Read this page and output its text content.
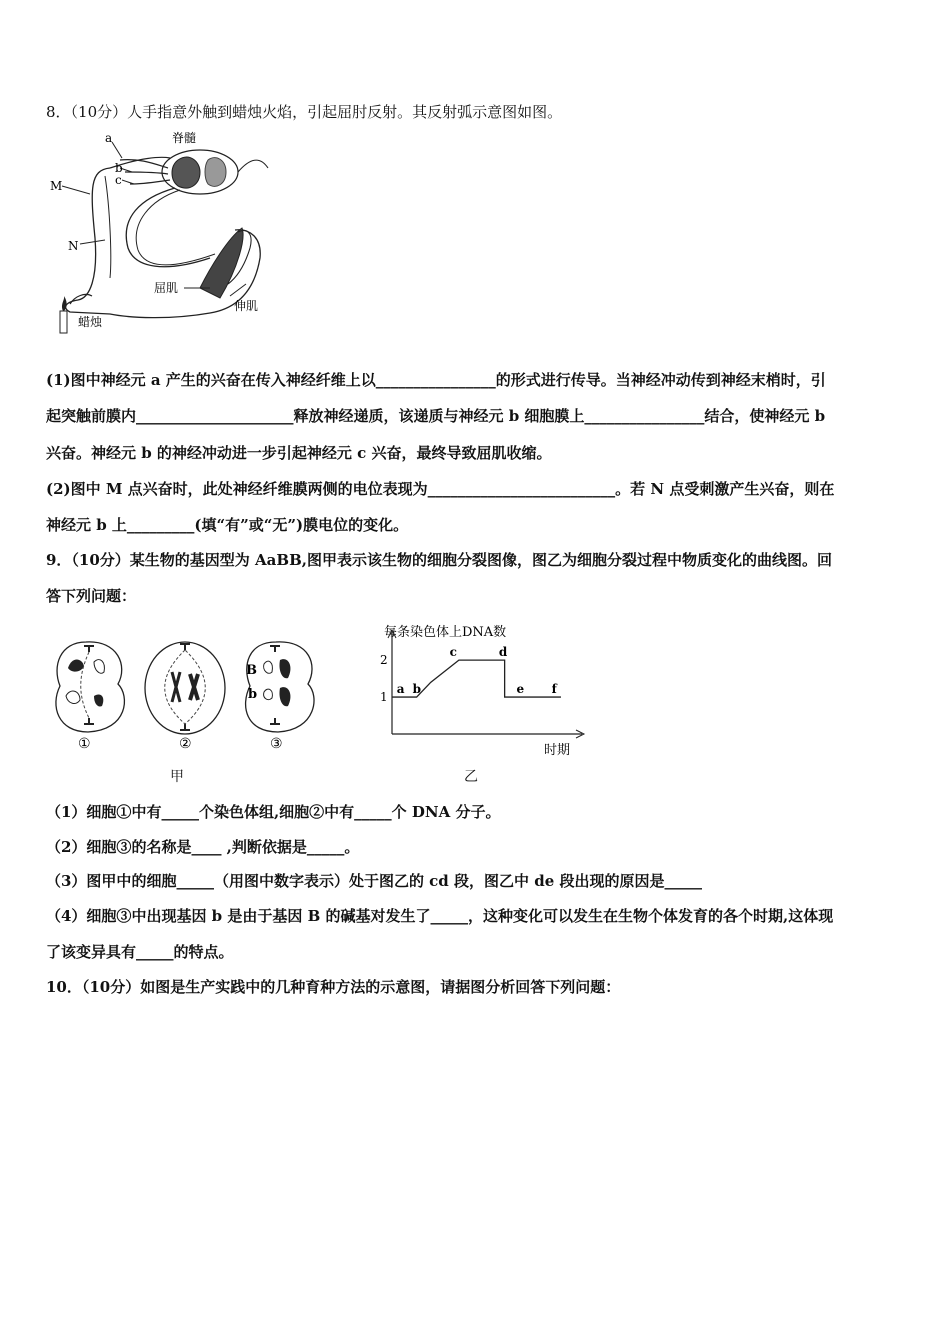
8．（10分）人手指意外触到蜡烛火焰，引起屈肘反射。其反射弧示意图如图。
脊髓
a
b
c
M
N
屈肌
伸肌
蜡烛
(1)图中神经元 a 产生的兴奋在传入神经纤维上以________________的形式进行传导。当神经冲动传到神经末梢时，引
起突触前膜内_____________________释放神经递质，该递质与神经元 b 细胞膜上________________结合，使神经元 b
兴奋。神经元 b 的神经冲动进一步引起神经元 c 兴奋，最终导致屈肌收缩。
(2)图中 M 点兴奋时，此处神经纤维膜两侧的电位表现为_________________________。若 N 点受刺激产生兴奋，则在
神经元 b 上_________(填“有”或“无”)膜电位的变化。
9．（10分）某生物的基因型为 AaBB,图甲表示该生物的细胞分裂图像，图乙为细胞分裂过程中物质变化的曲线图。回
答下列问题：
B
b
①	②	③
甲
每条染色体上DNA数
时期
1
2
a b
c	d
e f
乙
（1）细胞①中有_____个染色体组,细胞②中有_____个 DNA 分子。
（2）细胞③的名称是____ ,判断依据是_____。
（3）图甲中的细胞_____（用图中数字表示）处于图乙的 cd 段，图乙中 de 段出现的原因是_____
（4）细胞③中出现基因 b 是由于基因 B 的碱基对发生了_____，这种变化可以发生在生物个体发育的各个时期,这体现
了该变异具有_____的特点。
10．（10分）如图是生产实践中的几种育种方法的示意图，请据图分析回答下列问题：
